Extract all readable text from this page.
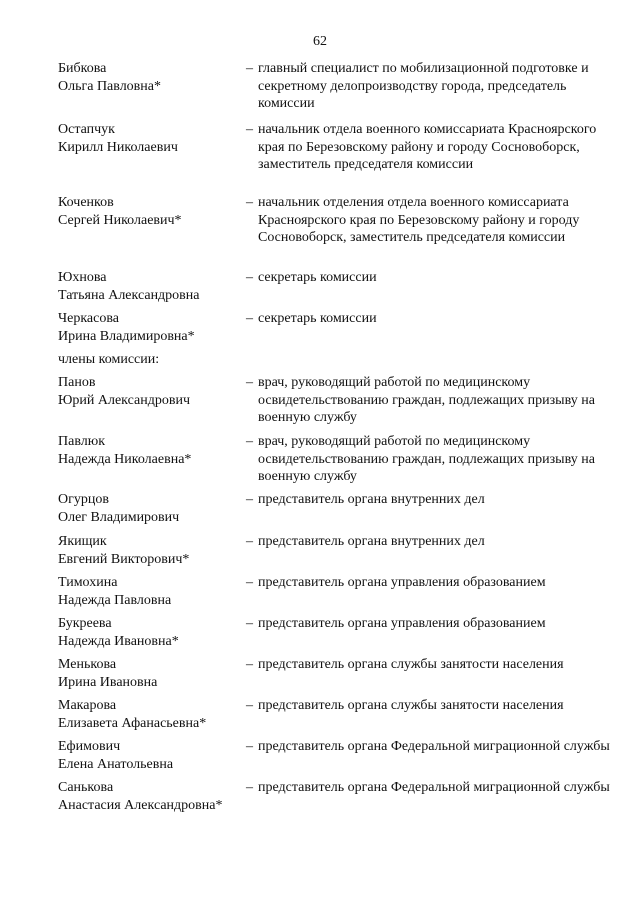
62
Бибкова
Ольга Павловна*
– главный специалист по мобилизационной подготовке и секретному делопроизводству города, председатель комиссии
Остапчук
Кирилл Николаевич
– начальник отдела военного комиссариата Красноярского края по Березовскому району и городу Сосновоборск, заместитель председателя комиссии
Коченков
Сергей Николаевич*
– начальник отделения отдела военного комиссариата Красноярского края по Березовскому району и городу Сосновоборск, заместитель председателя комиссии
Юхнова
Татьяна Александровна
– секретарь комиссии
Черкасова
Ирина Владимировна*
– секретарь комиссии
члены комиссии:
Панов
Юрий Александрович
– врач, руководящий работой по медицинскому освидетельствованию граждан, подлежащих призыву на военную службу
Павлюк
Надежда Николаевна*
– врач, руководящий работой по медицинскому освидетельствованию граждан, подлежащих призыву на военную службу
Огурцов
Олег Владимирович
– представитель органа внутренних дел
Якищик
Евгений Викторович*
– представитель органа внутренних дел
Тимохина
Надежда Павловна
– представитель органа управления образованием
Букреева
Надежда Ивановна*
– представитель органа управления образованием
Менькова
Ирина Ивановна
– представитель органа службы занятости населения
Макарова
Елизавета Афанасьевна*
– представитель органа службы занятости населения
Ефимович
Елена Анатольевна
– представитель органа Федеральной миграционной службы
Санькова
Анастасия Александровна*
– представитель органа Федеральной миграционной службы
